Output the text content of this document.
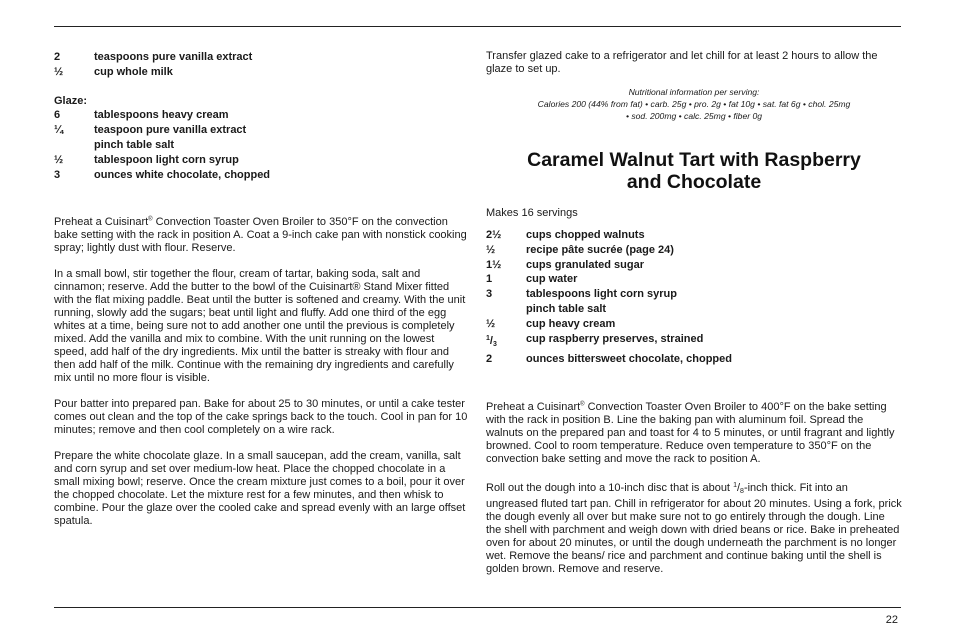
2	teaspoons pure vanilla extract
½	cup whole milk
Glaze:
6	tablespoons heavy cream
¼	teaspoon pure vanilla extract
pinch table salt
½	tablespoon light corn syrup
3	ounces white chocolate, chopped

Preheat a Cuisinart® Convection Toaster Oven Broiler to 350°F on the convection bake setting with the rack in position A. Coat a 9-inch cake pan with nonstick cooking spray; lightly dust with flour. Reserve.

In a small bowl, stir together the flour, cream of tartar, baking soda, salt and cinnamon; reserve. Add the butter to the bowl of the Cuisinart® Stand Mixer fitted with the flat mixing paddle. Beat until the butter is softened and creamy. With the unit running, slowly add the sugars; beat until light and fluffy. Add one third of the egg whites at a time, being sure not to add another one until the previous is completely mixed. Add the vanilla and mix to combine. With the unit running on the lowest speed, add half of the dry ingredients. Mix until the batter is streaky with flour and then add half of the milk. Continue with the remaining dry ingredients and carefully mix until no more flour is visible.

Pour batter into prepared pan. Bake for about 25 to 30 minutes, or until a cake tester comes out clean and the top of the cake springs back to the touch. Cool in pan for 10 minutes; remove and then cool completely on a wire rack.

Prepare the white chocolate glaze. In a small saucepan, add the cream, vanilla, salt and corn syrup and set over medium-low heat. Place the chopped chocolate in a small mixing bowl; reserve. Once the cream mixture just comes to a boil, pour it over the chopped chocolate. Let the mixture rest for a few minutes, and then whisk to combine. Pour the glaze over the cooled cake and spread evenly with an large offset spatula.

Transfer glazed cake to a refrigerator and let chill for at least 2 hours to allow the glaze to set up.

Nutritional information per serving:
Calories 200 (44% from fat) • carb. 25g • pro. 2g • fat 10g • sat. fat 6g • chol. 25mg
• sod. 200mg • calc. 25mg • fiber 0g
Caramel Walnut Tart with Raspberry
and Chocolate
Makes 16 servings
2½	cups chopped walnuts
½	recipe pâte sucrée (page 24)
1½	cups granulated sugar
1	cup water
3	tablespoons light corn syrup
pinch table salt
½	cup heavy cream
$^1$/3	cup raspberry preserves, strained
2	ounces bittersweet chocolate, chopped

Preheat a Cuisinart® Convection Toaster Oven Broiler to 400°F on the bake setting with the rack in position B. Line the baking pan with aluminum foil. Spread the walnuts on the prepared pan and toast for 4 to 5 minutes, or until fragrant and lightly browned. Cool to room temperature. Reduce oven temperature to 350°F on the convection bake setting and move the rack to position A.

Roll out the dough into a 10-inch disc that is about $^1$/8-inch thick. Fit into an ungreased fluted tart pan. Chill in refrigerator for about 20 minutes. Using a fork, prick the dough evenly all over but make sure not to go entirely through the dough. Line the shell with parchment and weigh down with dried beans or rice. Bake in preheated oven for about 20 minutes, or until the dough underneath the parchment is no longer wet. Remove the beans/ rice and parchment and continue baking until the shell is golden brown. Remove and reserve.

22
